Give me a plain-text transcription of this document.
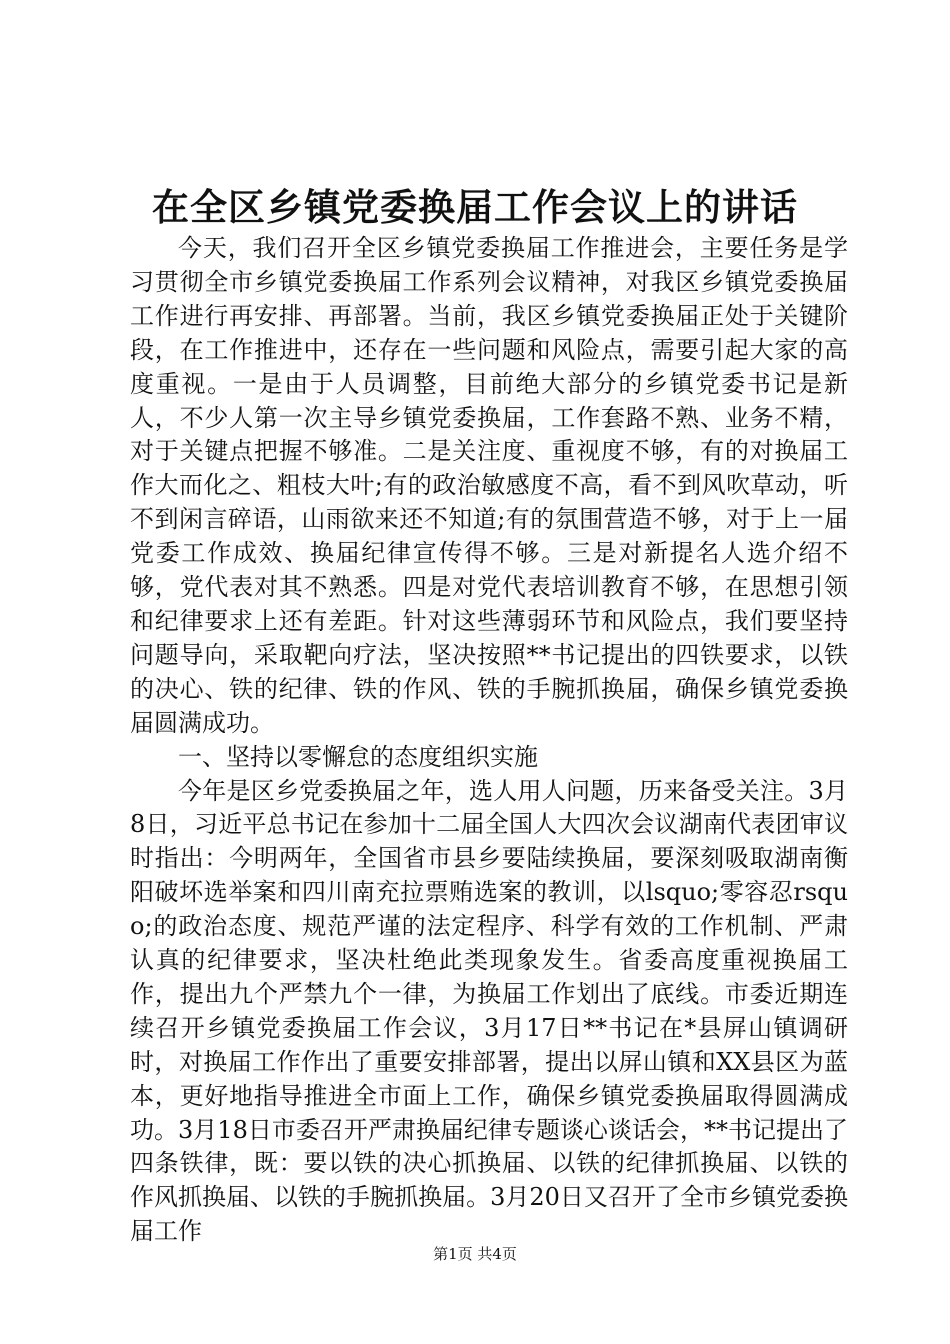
在全区乡镇党委换届工作会议上的讲话

今天，我们召开全区乡镇党委换届工作推进会，主要任务是学习贯彻全市乡镇党委换届工作系列会议精神，对我区乡镇党委换届工作进行再安排、再部署。当前，我区乡镇党委换届正处于关键阶段，在工作推进中，还存在一些问题和风险点，需要引起大家的高度重视。一是由于人员调整，目前绝大部分的乡镇党委书记是新人，不少人第一次主导乡镇党委换届，工作套路不熟、业务不精，对于关键点把握不够准。二是关注度、重视度不够，有的对换届工作大而化之、粗枝大叶;有的政治敏感度不高，看不到风吹草动，听不到闲言碎语，山雨欲来还不知道;有的氛围营造不够，对于上一届党委工作成效、换届纪律宣传得不够。三是对新提名人选介绍不够，党代表对其不熟悉。四是对党代表培训教育不够，在思想引领和纪律要求上还有差距。针对这些薄弱环节和风险点，我们要坚持问题导向，采取靶向疗法，坚决按照**书记提出的四铁要求，以铁的决心、铁的纪律、铁的作风、铁的手腕抓换届，确保乡镇党委换届圆满成功。

一、坚持以零懈怠的态度组织实施

今年是区乡党委换届之年，选人用人问题，历来备受关注。3月8日，习近平总书记在参加十二届全国人大四次会议湖南代表团审议时指出：今明两年，全国省市县乡要陆续换届，要深刻吸取湖南衡阳破坏选举案和四川南充拉票贿选案的教训，以lsquo;零容忍rsquo;的政治态度、规范严谨的法定程序、科学有效的工作机制、严肃认真的纪律要求，坚决杜绝此类现象发生。省委高度重视换届工作，提出九个严禁九个一律，为换届工作划出了底线。市委近期连续召开乡镇党委换届工作会议，3月17日**书记在*县屏山镇调研时，对换届工作作出了重要安排部署，提出以屏山镇和XX县区为蓝本，更好地指导推进全市面上工作，确保乡镇党委换届取得圆满成功。3月18日市委召开严肃换届纪律专题谈心谈话会，**书记提出了四条铁律，既：要以铁的决心抓换届、以铁的纪律抓换届、以铁的作风抓换届、以铁的手腕抓换届。3月20日又召开了全市乡镇党委换届工作

第1页 共4页
